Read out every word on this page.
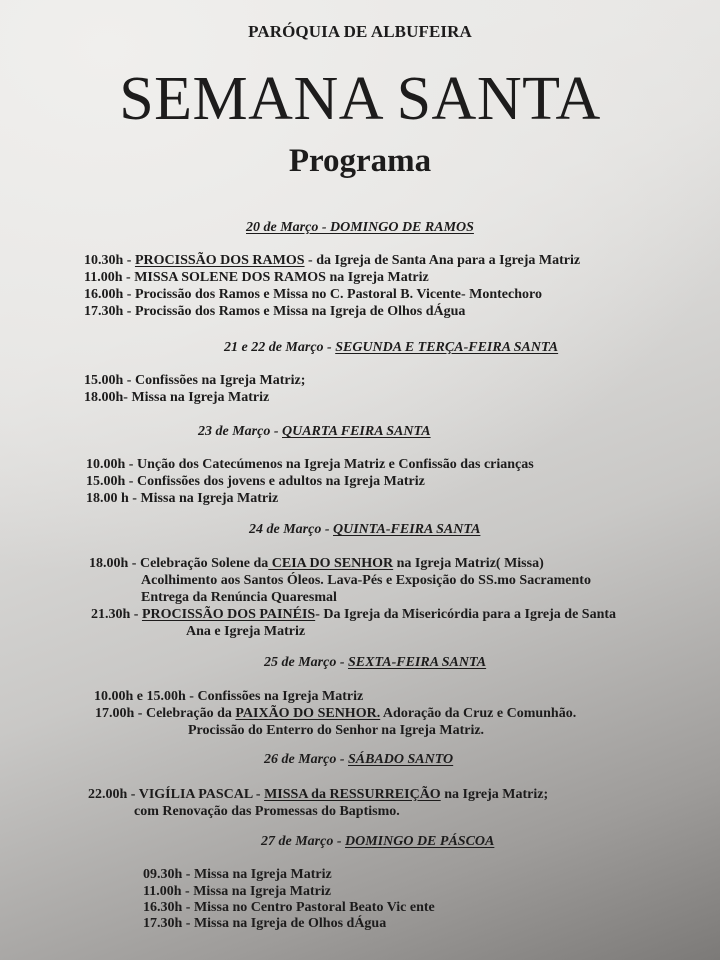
PARÓQUIA DE ALBUFEIRA
SEMANA SANTA
Programa
20 de Março - DOMINGO DE RAMOS
10.30h - PROCISSÃO DOS RAMOS - da Igreja de Santa Ana para a Igreja Matriz
11.00h - MISSA SOLENE DOS RAMOS na Igreja Matriz
16.00h - Procissão dos Ramos e Missa no C. Pastoral B. Vicente- Montechoro
17.30h - Procissão dos Ramos e Missa na Igreja de Olhos dÁgua
21 e 22 de Março - SEGUNDA E TERÇA-FEIRA SANTA
15.00h - Confissões na Igreja Matriz;
18.00h- Missa na Igreja Matriz
23 de Março - QUARTA FEIRA SANTA
10.00h - Unção dos Catecúmenos na Igreja Matriz e Confissão das crianças
15.00h - Confissões dos jovens e adultos na Igreja Matriz
18.00 h - Missa na Igreja Matriz
24 de Março - QUINTA-FEIRA SANTA
18.00h - Celebração Solene da CEIA DO SENHOR na Igreja Matriz( Missa)
Acolhimento aos Santos Óleos. Lava-Pés e Exposição do SS.mo Sacramento
Entrega da Renúncia Quaresmal
21.30h - PROCISSÃO DOS PAINÉIS- Da Igreja da Misericórdia para a Igreja de Santa
Ana e Igreja Matriz
25 de Março - SEXTA-FEIRA SANTA
10.00h e 15.00h - Confissões na Igreja Matriz
17.00h - Celebração da PAIXÃO DO SENHOR. Adoração da Cruz e Comunhão.
Procissão do Enterro do Senhor na Igreja Matriz.
26 de Março - SÁBADO SANTO
22.00h - VIGÍLIA PASCAL - MISSA da RESSURREIÇÃO na Igreja Matriz;
com Renovação das Promessas do Baptismo.
27 de Março - DOMINGO DE PÁSCOA
09.30h - Missa na Igreja Matriz
11.00h - Missa na Igreja Matriz
16.30h - Missa no Centro Pastoral Beato Vic ente
17.30h - Missa na Igreja de Olhos dÁgua
